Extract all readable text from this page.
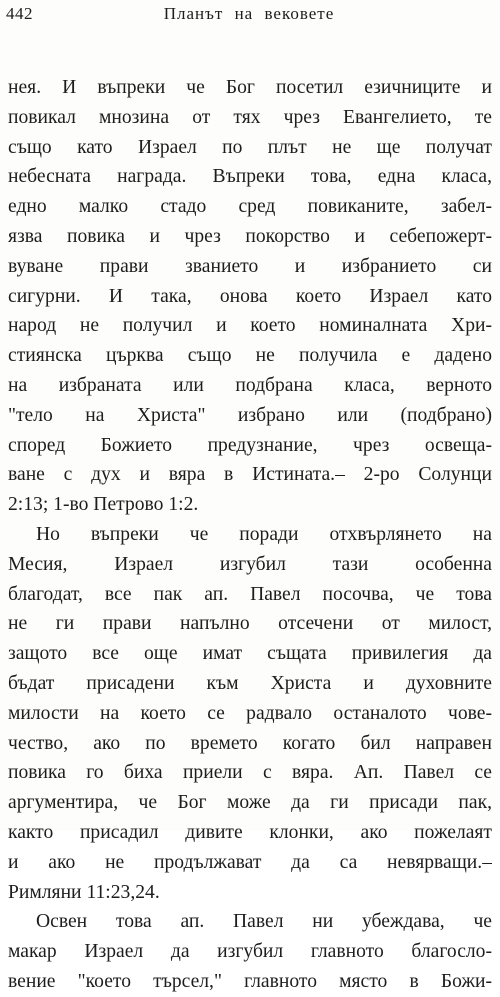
442	Планът на вековете
нея. И въпреки че Бог посетил езичниците и
повикал мнозина от тях чрез Евангелието, те
също като Израел по плът не ще получат
небесната награда. Въпреки това, една класа,
едно малко стадо сред повиканите, забел-
язва повика и чрез покорство и себепожерт-
вуване прави званието и избранието си
сигурни. И така, онова което Израел като
народ не получил и което номиналната Хри-
стиянска църква също не получила е дадено
на избраната или подбрана класа, верното
"тело на Христа" избрано или (подбрано)
според Божието предузнание, чрез освеща-
ване с дух и вяра в Истината.– 2-ро Солунци
2:13; 1-во Петрово 1:2.
Но въпреки че поради отхвърлянето на
Месия, Израел изгубил тази особенна
благодат, все пак ап. Павел посочва, че това
не ги прави напълно отсечени от милост,
защото все още имат същата привилегия да
бъдат присадени към Христа и духовните
милости на което се радвало останалото чове-
чество, ако по времето когато бил направен
повика го биха приели с вяра. Ап. Павел се
аргументира, че Бог може да ги присади пак,
както присадил дивите клонки, ако пожелаят
и ако не продължават да са невярващи.–
Римляни 11:23,24.
Освен това ап. Павел ни убеждава, че
макар Израел да изгубил главното благосло-
вение "което търсел," главното място в Божи-
